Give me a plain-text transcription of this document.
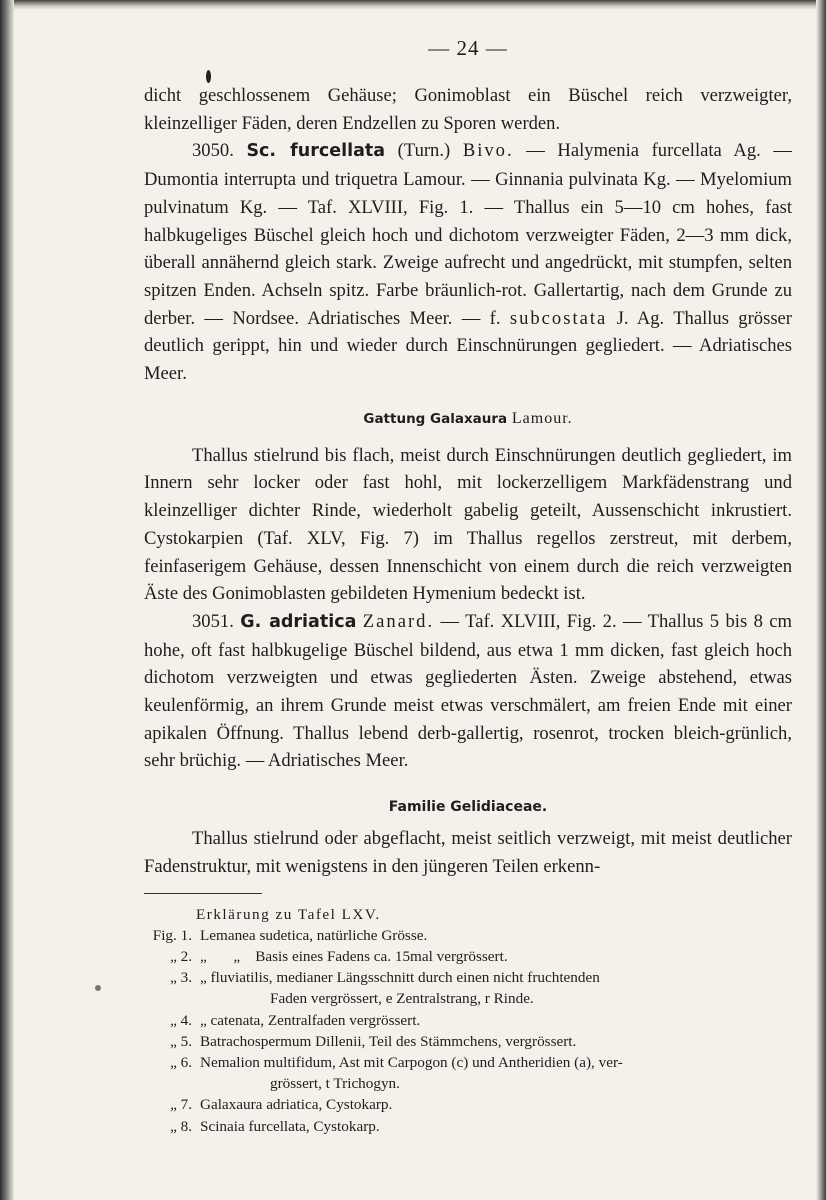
— 24 —

dicht geschlossenem Gehäuse; Gonimoblast ein Büschel reich verzweigter, kleinzelliger Fäden, deren Endzellen zu Sporen werden.

3050. Sc. furcellata (Turn.) Bivo. — Halymenia furcellata Ag. — Dumontia interrupta und triquetra Lamour. — Ginnania pulvinata Kg. — Myelomium pulvinatum Kg. — Taf. XLVIII, Fig. 1. — Thallus ein 5—10 cm hohes, fast halbkugeliges Büschel gleich hoch und dichotom verzweigter Fäden, 2—3 mm dick, überall annähernd gleich stark. Zweige aufrecht und angedrückt, mit stumpfen, selten spitzen Enden. Achseln spitz. Farbe bräunlich-rot. Gallertartig, nach dem Grunde zu derber. — Nordsee. Adriatisches Meer. — f. subcostata J. Ag. Thallus grösser deutlich gerippt, hin und wieder durch Einschnürungen gegliedert. — Adriatisches Meer.

Gattung Galaxaura Lamour.

Thallus stielrund bis flach, meist durch Einschnürungen deutlich gegliedert, im Innern sehr locker oder fast hohl, mit lockerzelligem Markfädenstrang und kleinzelliger dichter Rinde, wiederholt gabelig geteilt, Aussenschicht inkrustiert. Cystokarpien (Taf. XLV, Fig. 7) im Thallus regellos zerstreut, mit derbem, feinfaserigem Gehäuse, dessen Innenschicht von einem durch die reich verzweigten Äste des Gonimoblasten gebildeten Hymenium bedeckt ist.

3051. G. adriatica Zanard. — Taf. XLVIII, Fig. 2. — Thallus 5 bis 8 cm hohe, oft fast halbkugelige Büschel bildend, aus etwa 1 mm dicken, fast gleich hoch dichotom verzweigten und etwas gegliederten Ästen. Zweige abstehend, etwas keulenförmig, an ihrem Grunde meist etwas verschmälert, am freien Ende mit einer apikalen Öffnung. Thallus lebend derb-gallertig, rosenrot, trocken bleich-grünlich, sehr brüchig. — Adriatisches Meer.

Familie Gelidiaceae.

Thallus stielrund oder abgeflacht, meist seitlich verzweigt, mit meist deutlicher Fadenstruktur, mit wenigstens in den jüngeren Teilen erkenn-

Erklärung zu Tafel LXV.
Fig. 1. Lemanea sudetica, natürliche Grösse.
„ 2. „       „    Basis eines Fadens ca. 15mal vergrössert.
„ 3. „ fluviatilis, medianer Längsschnitt durch einen nicht fruchtenden
Faden vergrössert, e Zentralstrang, r Rinde.
„ 4. „ catenata, Zentralfaden vergrössert.
„ 5. Batrachospermum Dillenii, Teil des Stämmchens, vergrössert.
„ 6. Nemalion multifidum, Ast mit Carpogon (c) und Antheridien (a), ver-
grössert, t Trichogyn.
„ 7. Galaxaura adriatica, Cystokarp.
„ 8. Scinaia furcellata, Cystokarp.
